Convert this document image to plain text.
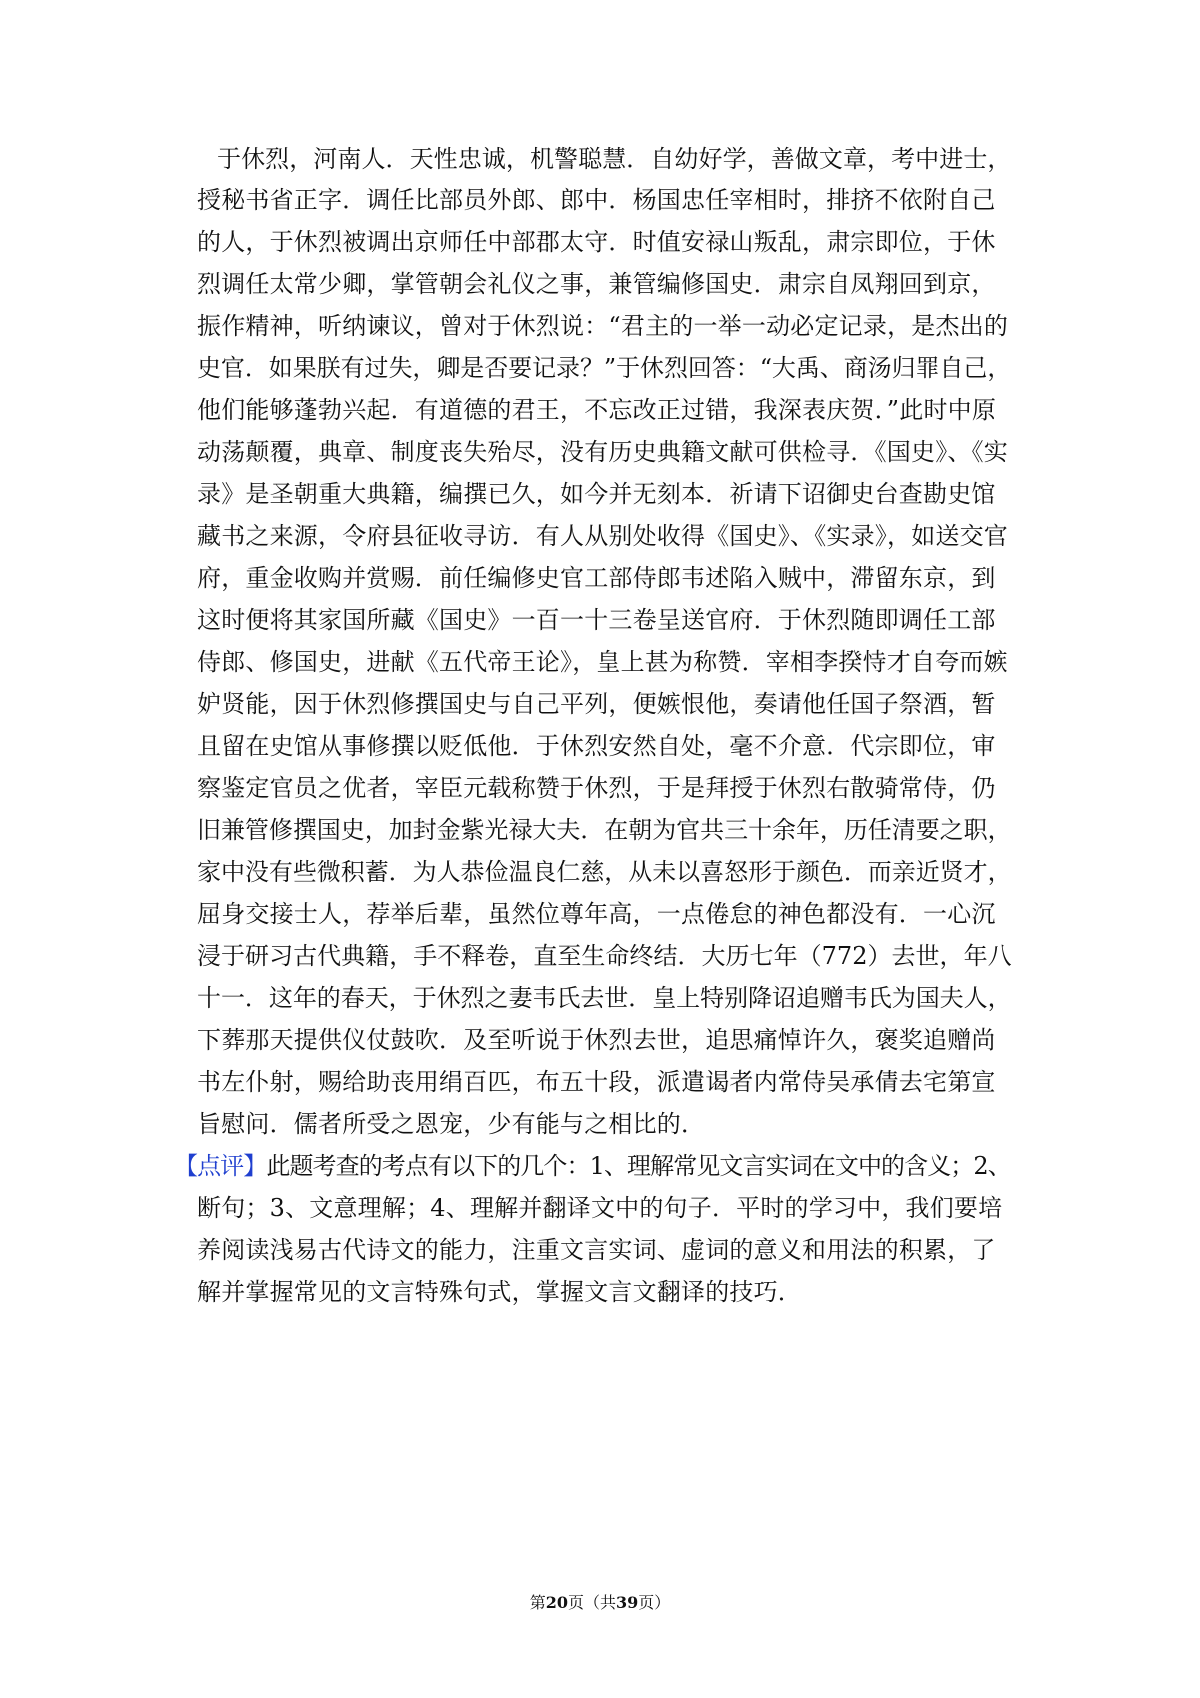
于休烈，河南人．天性忠诚，机警聪慧．自幼好学，善做文章，考中进士，
授秘书省正字．调任比部员外郎、郎中．杨国忠任宰相时，排挤不依附自己
的人，于休烈被调出京师任中部郡太守．时值安禄山叛乱，肃宗即位，于休
烈调任太常少卿，掌管朝会礼仪之事，兼管编修国史．肃宗自凤翔回到京，
振作精神，听纳谏议，曾对于休烈说：“君主的一举一动必定记录，是杰出的
史官．如果朕有过失，卿是否要记录？”于休烈回答：“大禹、商汤归罪自己，
他们能够蓬勃兴起．有道德的君王，不忘改正过错，我深表庆贺．”此时中原
动荡颠覆，典章、制度丧失殆尽，没有历史典籍文献可供检寻．《国史》、《实
录》是圣朝重大典籍，编撰已久，如今并无刻本．祈请下诏御史台查勘史馆
藏书之来源，令府县征收寻访．有人从别处收得《国史》、《实录》，如送交官
府，重金收购并赏赐．前任编修史官工部侍郎韦述陷入贼中，滞留东京，到
这时便将其家国所藏《国史》一百一十三卷呈送官府．于休烈随即调任工部
侍郎、修国史，进献《五代帝王论》，皇上甚为称赞．宰相李揆恃才自夸而嫉
妒贤能，因于休烈修撰国史与自己平列，便嫉恨他，奏请他任国子祭酒，暂
且留在史馆从事修撰以贬低他．于休烈安然自处，毫不介意．代宗即位，审
察鉴定官员之优者，宰臣元载称赞于休烈，于是拜授于休烈右散骑常侍，仍
旧兼管修撰国史，加封金紫光禄大夫．在朝为官共三十余年，历任清要之职，
家中没有些微积蓄．为人恭俭温良仁慈，从未以喜怒形于颜色．而亲近贤才，
屈身交接士人，荐举后辈，虽然位尊年高，一点倦怠的神色都没有．一心沉
浸于研习古代典籍，手不释卷，直至生命终结．大历七年（772）去世，年八
十一．这年的春天，于休烈之妻韦氏去世．皇上特别降诏追赠韦氏为国夫人，
下葬那天提供仪仗鼓吹．及至听说于休烈去世，追思痛悼许久，褒奖追赠尚
书左仆射，赐给助丧用绢百匹，布五十段，派遣谒者内常侍吴承倩去宅第宣
旨慰问．儒者所受之恩宠，少有能与之相比的．
【点评】此题考查的考点有以下的几个：1、理解常见文言实词在文中的含义；2、
断句；3、文意理解；4、理解并翻译文中的句子．平时的学习中，我们要培
养阅读浅易古代诗文的能力，注重文言实词、虚词的意义和用法的积累，了
解并掌握常见的文言特殊句式，掌握文言文翻译的技巧．
第20页（共39页）
